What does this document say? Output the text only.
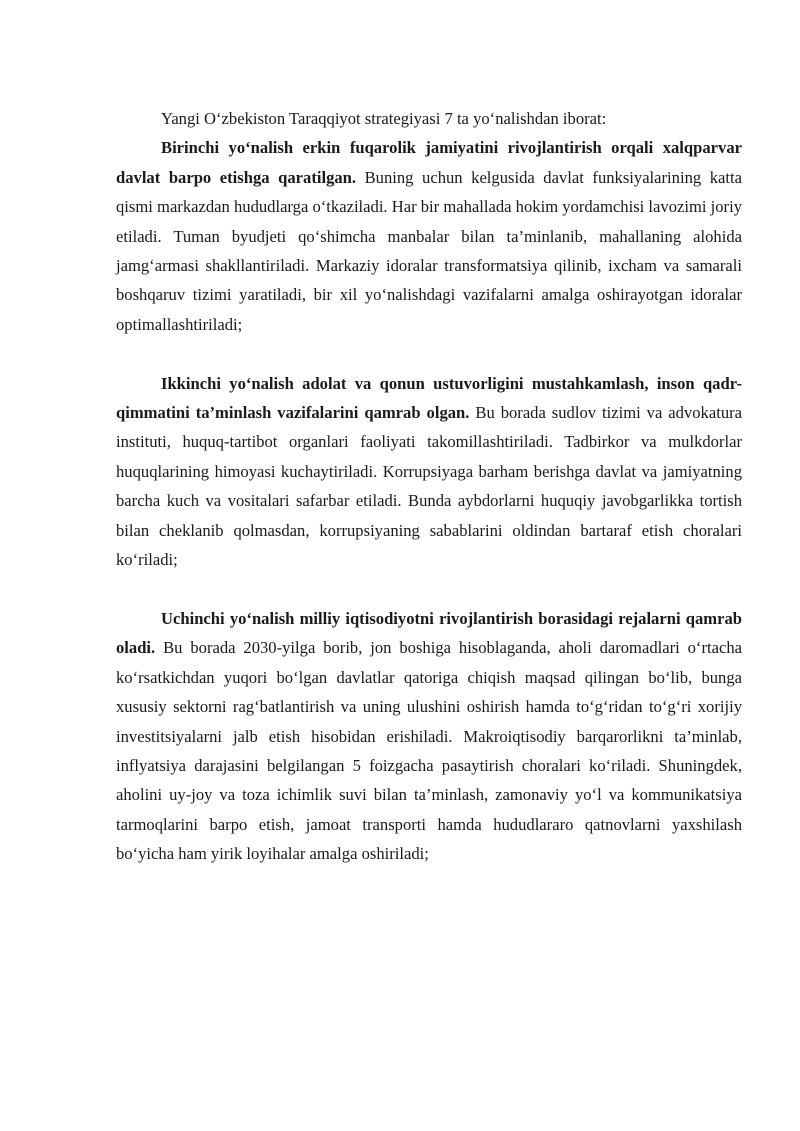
Yangi O‘zbekiston Taraqqiyot strategiyasi 7 ta yo‘nalishdan iborat:

Birinchi yo‘nalish erkin fuqarolik jamiyatini rivojlantirish orqali xalqparvar davlat barpo etishga qaratilgan. Buning uchun kelgusida davlat funksiyalarining katta qismi markazdan hududlarga o‘tkaziladi. Har bir mahallada hokim yordamchisi lavozimi joriy etiladi. Tuman byudjeti qo‘shimcha manbalar bilan ta’minlanib, mahallaning alohida jamg‘armasi shakllantiriladi. Markaziy idoralar transformatsiya qilinib, ixcham va samarali boshqaruv tizimi yaratiladi, bir xil yo‘nalishdagi vazifalarni amalga oshirayotgan idoralar optimallashtiriladi;

Ikkinchi yo‘nalish adolat va qonun ustuvorligini mustahkamlash, inson qadr-qimmatini ta’minlash vazifalarini qamrab olgan. Bu borada sudlov tizimi va advokatura instituti, huquq-tartibot organlari faoliyati takomillashtiriladi. Tadbirkor va mulkdorlar huquqlarining himoyasi kuchaytiriladi. Korrupsiyaga barham berishga davlat va jamiyatning barcha kuch va vositalari safarbar etiladi. Bunda aybdorlarni huquqiy javobgarlikka tortish bilan cheklanib qolmasdan, korrupsiyaning sabablarini oldindan bartaraf etish choralari ko‘riladi;

Uchinchi yo‘nalish milliy iqtisodiyotni rivojlantirish borasidagi rejalarni qamrab oladi. Bu borada 2030-yilga borib, jon boshiga hisoblaganda, aholi daromadlari o‘rtacha ko‘rsatkichdan yuqori bo‘lgan davlatlar qatoriga chiqish maqsad qilingan bo‘lib, bunga xususiy sektorni rag‘batlantirish va uning ulushini oshirish hamda to‘g‘ridan to‘g‘ri xorijiy investitsiyalarni jalb etish hisobidan erishiladi. Makroiqtisodiy barqarorlikni ta’minlab, inflyatsiya darajasini belgilangan 5 foizgacha pasaytirish choralari ko‘riladi. Shuningdek, aholini uy-joy va toza ichimlik suvi bilan ta’minlash, zamonaviy yo‘l va kommunikatsiya tarmoqlarini barpo etish, jamoat transporti hamda hududlararo qatnovlarni yaxshilash bo‘yicha ham yirik loyihalar amalga oshiriladi;
